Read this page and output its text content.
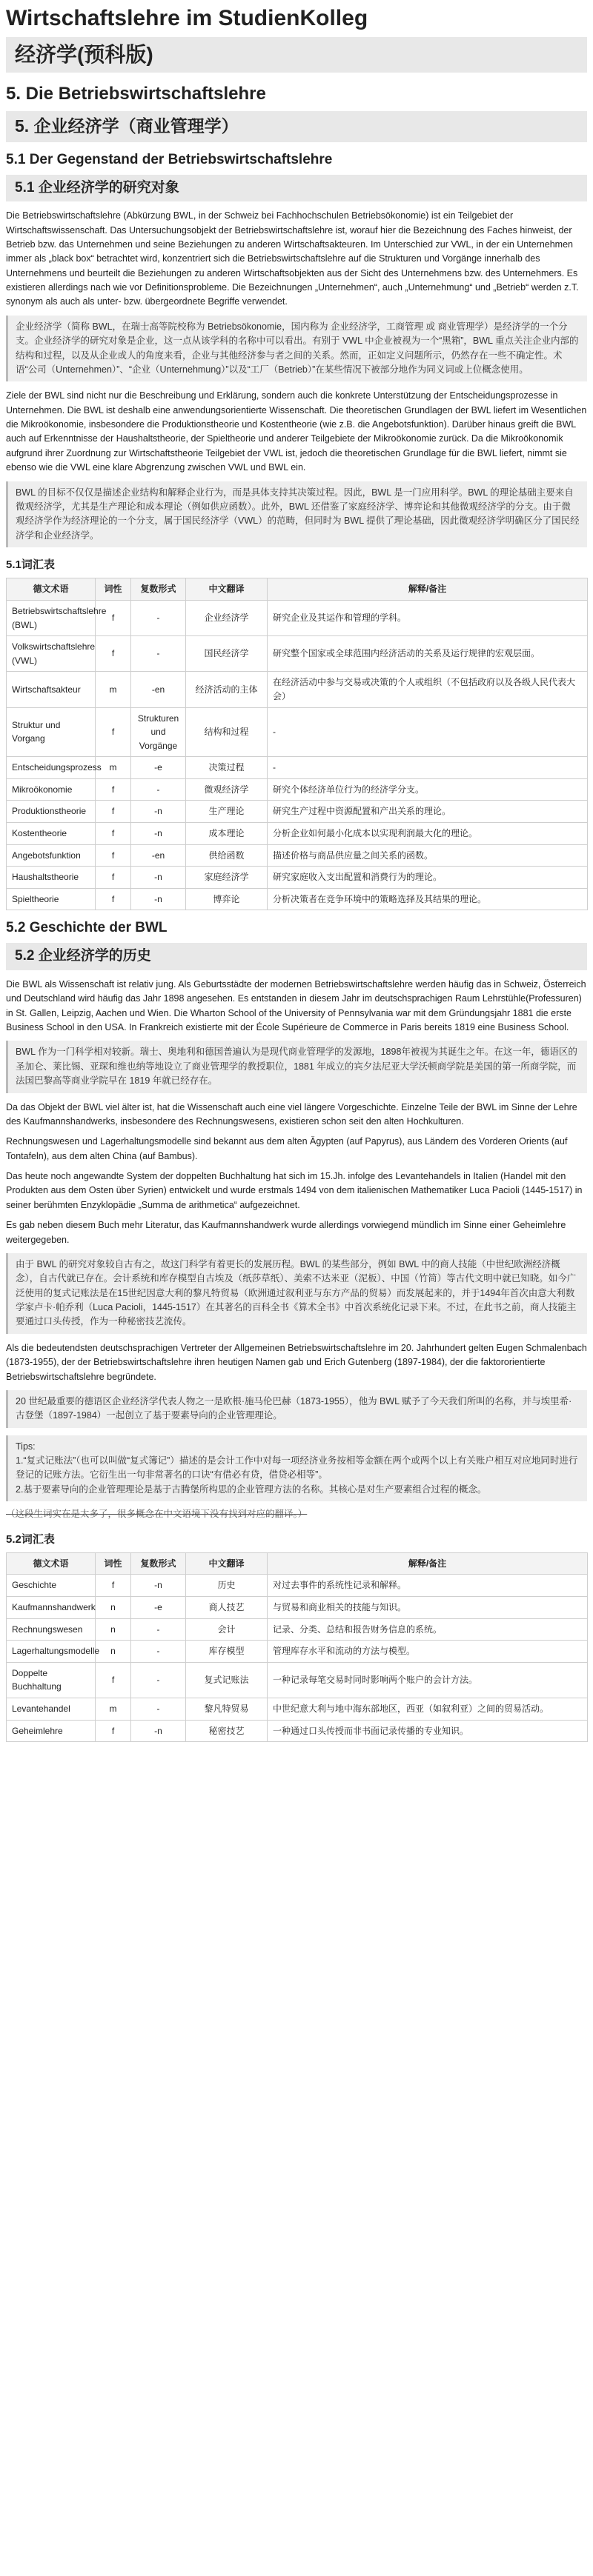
Wirtschaftslehre im StudienKolleg
经济学(预科版)
5. Die Betriebswirtschaftslehre
5. 企业经济学（商业管理学）
5.1 Der Gegenstand der Betriebswirtschaftslehre
5.1 企业经济学的研究对象

Die Betriebswirtschaftslehre (Abkürzung BWL, in der Schweiz bei Fachhochschulen Betriebsökonomie) ist ein Teilgebiet der Wirtschaftswissenschaft. Das Untersuchungsobjekt der Betriebswirtschaftslehre ist, worauf hier die Bezeichnung des Faches hinweist, der Betrieb bzw. das Unternehmen und seine Beziehungen zu anderen Wirtschaftsakteuren. Im Unterschied zur VWL, in der ein Unternehmen immer als „black box“ betrachtet wird, konzentriert sich die Betriebswirtschaftslehre auf die Strukturen und Vorgänge innerhalb des Unternehmens und beurteilt die Beziehungen zu anderen Wirtschaftsobjekten aus der Sicht des Unternehmens bzw. des Unternehmers. Es existieren allerdings nach wie vor Definitionsprobleme. Die Bezeichnungen „Unternehmen“, auch „Unternehmung“ und „Betrieb“ werden z.T. synonym als auch als unter- bzw. übergeordnete Begriffe verwendet.

企业经济学（简称 BWL，在瑞士高等院校称为 Betriebsökonomie，国内称为 企业经济学，工商管理 或 商业管理学）是经济学的一个分支。企业经济学的研究对象是企业，这一点从该学科的名称中可以看出。有别于 VWL 中企业被视为一个“黑箱”，BWL 重点关注企业内部的结构和过程，以及从企业或人的角度来看，企业与其他经济参与者之间的关系。然而，正如定义问题所示，仍然存在一些不确定性。术语“公司（Unternehmen）”、“企业（Unternehmung）”以及“工厂（Betrieb）”在某些情况下被部分地作为同义词或上位概念使用。

Ziele der BWL sind nicht nur die Beschreibung und Erklärung, sondern auch die konkrete Unterstützung der Entscheidungsprozesse in Unternehmen. Die BWL ist deshalb eine anwendungsorientierte Wissenschaft. Die theoretischen Grundlagen der BWL liefert im Wesentlichen die Mikroökonomie, insbesondere die Produktionstheorie und Kostentheorie (wie z.B. die Angebotsfunktion). Darüber hinaus greift die BWL auch auf Erkenntnisse der Haushaltstheorie, der Spieltheorie und anderer Teilgebiete der Mikroökonomie zurück. Da die Mikroökonomik aufgrund ihrer Zuordnung zur Wirtschaftstheorie Teilgebiet der VWL ist, jedoch die theoretischen Grundlage für die BWL liefert, nimmt sie ebenso wie die VWL eine klare Abgrenzung zwischen VWL und BWL ein.

BWL 的目标不仅仅是描述企业结构和解释企业行为，而是具体支持其决策过程。因此，BWL 是一门应用科学。BWL 的理论基础主要来自微观经济学，尤其是生产理论和成本理论（例如供应函数）。此外，BWL 还借鉴了家庭经济学、博弈论和其他微观经济学的分支。由于微观经济学作为经济理论的一个分支，属于国民经济学（VWL）的范畴，但同时为 BWL 提供了理论基础，因此微观经济学明确区分了国民经济学和企业经济学。
5.1词汇表
德文术语	词性	复数形式	中文翻译	解释/备注
Betriebswirtschaftslehre (BWL)	f	-	企业经济学	研究企业及其运作和管理的学科。
Volkswirtschaftslehre (VWL)	f	-	国民经济学	研究整个国家或全球范围内经济活动的关系及运行规律的宏观层面。
Wirtschaftsakteur	m	-en	经济活动的主体	在经济活动中参与交易或决策的个人或组织（不包括政府以及各级人民代表大会）
Struktur und Vorgang	f	Strukturen und Vorgänge	结构和过程	-
Entscheidungsprozess	m	-e	决策过程	-
Mikroökonomie	f	-	微观经济学	研究个体经济单位行为的经济学分支。
Produktionstheorie	f	-n	生产理论	研究生产过程中资源配置和产出关系的理论。
Kostentheorie	f	-n	成本理论	分析企业如何最小化成本以实现利润最大化的理论。
Angebotsfunktion	f	-en	供给函数	描述价格与商品供应量之间关系的函数。
Haushaltstheorie	f	-n	家庭经济学	研究家庭收入支出配置和消费行为的理论。
Spieltheorie	f	-n	博弈论	分析决策者在竞争环境中的策略选择及其结果的理论。
5.2 Geschichte der BWL
5.2 企业经济学的历史

Die BWL als Wissenschaft ist relativ jung. Als Geburtsstädte der modernen Betriebswirtschaftslehre werden häufig das in Schweiz, Österreich und Deutschland wird häufig das Jahr 1898 angesehen. Es entstanden in diesem Jahr im deutschsprachigen Raum Lehrstühle(Professuren) in St. Gallen, Leipzig, Aachen und Wien. Die Wharton School of the University of Pennsylvania war mit dem Gründungsjahr 1881 die erste Business School in den USA. In Frankreich existierte mit der École Supérieure de Commerce in Paris bereits 1819 eine Business School.

BWL 作为一门科学相对较新。瑞士、奥地利和德国普遍认为是现代商业管理学的发源地，1898年被视为其诞生之年。在这一年，德语区的圣加仑、莱比锡、亚琛和维也纳等地设立了商业管理学的教授职位，1881 年成立的宾夕法尼亚大学沃顿商学院是美国的第一所商学院，而法国巴黎高等商业学院早在 1819 年就已经存在。

Da das Objekt der BWL viel älter ist, hat die Wissenschaft auch eine viel längere Vorgeschichte. Einzelne Teile der BWL im Sinne der Lehre des Kaufmannshandwerks, insbesondere des Rechnungswesens, existieren schon seit den alten Hochkulturen.

Rechnungswesen und Lagerhaltungsmodelle sind bekannt aus dem alten Ägypten (auf Papyrus), aus Ländern des Vorderen Orients (auf Tontafeln), aus dem alten China (auf Bambus).

Das heute noch angewandte System der doppelten Buchhaltung hat sich im 15.Jh. infolge des Levantehandels in Italien (Handel mit den Produkten aus dem Osten über Syrien) entwickelt und wurde erstmals 1494 von dem italienischen Mathematiker Luca Pacioli (1445-1517) in seiner berühmten Enzyklopädie „Summa de arithmetica“ aufgezeichnet.

Es gab neben diesem Buch mehr Literatur, das Kaufmannshandwerk wurde allerdings vorwiegend mündlich im Sinne einer Geheimlehre weitergegeben.

由于 BWL 的研究对象较自古有之，故这门科学有着更长的发展历程。BWL 的某些部分，例如 BWL 中的商人技能（中世纪欧洲经济概念），自古代就已存在。会计系统和库存模型自古埃及（纸莎草纸）、美索不达米亚（泥板）、中国（竹简）等古代文明中就已知晓。如今广泛使用的复式记账法是在15世纪因意大利的黎凡特贸易（欧洲通过叙利亚与东方产品的贸易）而发展起来的，并于1494年首次由意大利数学家卢卡·帕乔利（Luca Pacioli，1445-1517）在其著名的百科全书《算术全书》中首次系统化记录下来。不过，在此书之前，商人技能主要通过口头传授，作为一种秘密技艺流传。

Als die bedeutendsten deutschsprachigen Vertreter der Allgemeinen Betriebswirtschaftslehre im 20. Jahrhundert gelten Eugen Schmalenbach (1873-1955), der der Betriebswirtschaftslehre ihren heutigen Namen gab und Erich Gutenberg (1897-1984), der die faktororientierte Betriebswirtschaftslehre begründete.

20 世纪最重要的德语区企业经济学代表人物之一是欧根·施马伦巴赫（1873-1955），他为 BWL 赋予了今天我们所叫的名称，并与埃里希·古登堡（1897-1984）一起创立了基于要素导向的企业管理理论。
Tips:
1.“复式记账法”（也可以叫做“复式簿记”）描述的是会计工作中对每一项经济业务按相等金额在两个或两个以上有关账户相互对应地同时进行登记的记账方法。它衍生出一句非常著名的口诀“有借必有贷，借贷必相等”。
2.基于要素导向的企业管理理论是基于古腾堡所构思的企业管理方法的名称。其核心是对生产要素组合过程的概念。
（这段生词实在是太多了，很多概念在中文语境下没有找到对应的翻译。）
5.2词汇表
德文术语	词性	复数形式	中文翻译	解释/备注
Geschichte	f	-n	历史	对过去事件的系统性记录和解释。
Kaufmannshandwerk	n	-e	商人技艺	与贸易和商业相关的技能与知识。
Rechnungswesen	n	-	会计	记录、分类、总结和报告财务信息的系统。
Lagerhaltungsmodelle	n	-	库存模型	管理库存水平和流动的方法与模型。
Doppelte Buchhaltung	f	-	复式记账法	一种记录每笔交易时同时影响两个账户的会计方法。
Levantehandel	m	-	黎凡特贸易	中世纪意大利与地中海东部地区，西亚（如叙利亚）之间的贸易活动。
Geheimlehre	f	-n	秘密技艺	一种通过口头传授而非书面记录传播的专业知识。
